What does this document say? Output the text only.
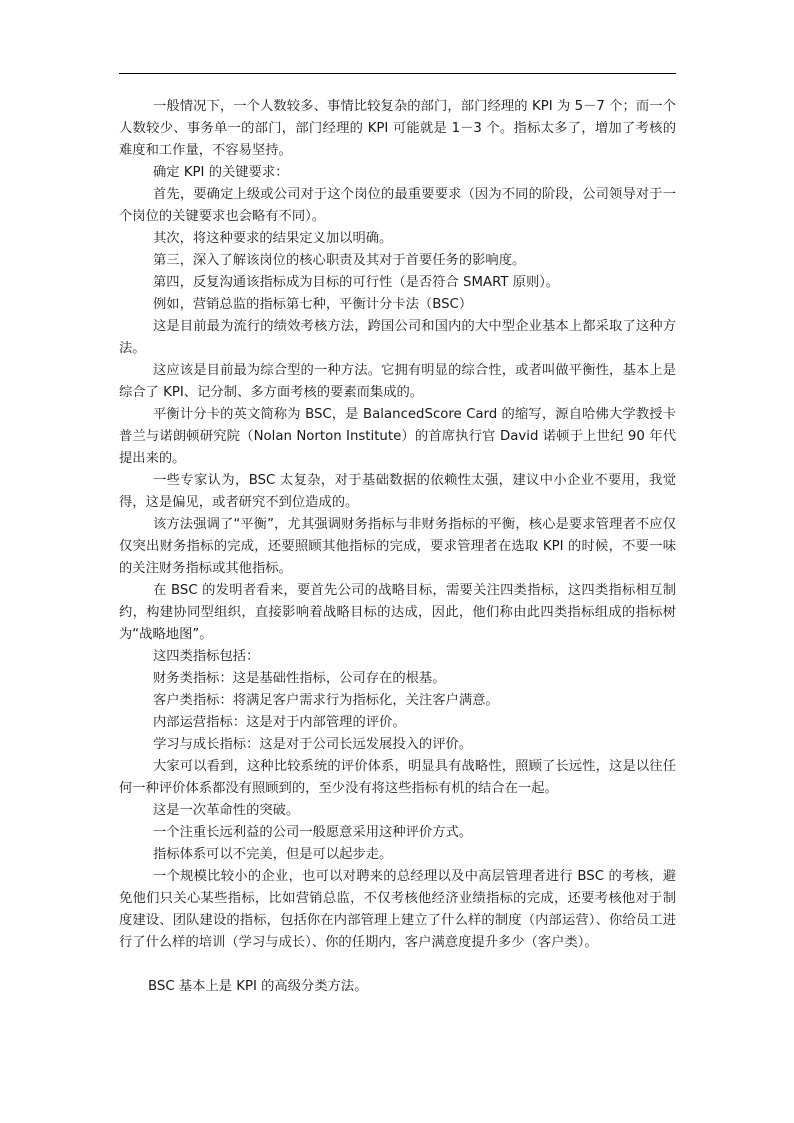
一般情况下，一个人数较多、事情比较复杂的部门，部门经理的 KPI 为 5－7 个；而一个人数较少、事务单一的部门，部门经理的 KPI 可能就是 1－3 个。指标太多了，增加了考核的难度和工作量，不容易坚持。

确定 KPI 的关键要求：

首先，要确定上级或公司对于这个岗位的最重要要求（因为不同的阶段，公司领导对于一个岗位的关键要求也会略有不同）。

其次，将这种要求的结果定义加以明确。

第三，深入了解该岗位的核心职责及其对于首要任务的影响度。

第四，反复沟通该指标成为目标的可行性（是否符合 SMART 原则）。

例如，营销总监的指标第七种，平衡计分卡法（BSC）

这是目前最为流行的绩效考核方法，跨国公司和国内的大中型企业基本上都采取了这种方法。

这应该是目前最为综合型的一种方法。它拥有明显的综合性，或者叫做平衡性，基本上是综合了 KPI、记分制、多方面考核的要素而集成的。

平衡计分卡的英文简称为 BSC，是 BalancedScore Card 的缩写，源自哈佛大学教授卡普兰与诺朗顿研究院（Nolan Norton Institute）的首席执行官 David 诺顿于上世纪 90 年代提出来的。

一些专家认为，BSC 太复杂，对于基础数据的依赖性太强，建议中小企业不要用，我觉得，这是偏见，或者研究不到位造成的。

该方法强调了“平衡”，尤其强调财务指标与非财务指标的平衡，核心是要求管理者不应仅仅突出财务指标的完成，还要照顾其他指标的完成，要求管理者在选取 KPI 的时候，不要一味的关注财务指标或其他指标。

在 BSC 的发明者看来，要首先公司的战略目标，需要关注四类指标，这四类指标相互制约，构建协同型组织，直接影响着战略目标的达成，因此，他们称由此四类指标组成的指标树为“战略地图”。

这四类指标包括：

财务类指标：这是基础性指标，公司存在的根基。

客户类指标：将满足客户需求行为指标化，关注客户满意。

内部运营指标：这是对于内部管理的评价。

学习与成长指标：这是对于公司长远发展投入的评价。

大家可以看到，这种比较系统的评价体系，明显具有战略性，照顾了长远性，这是以往任何一种评价体系都没有照顾到的，至少没有将这些指标有机的结合在一起。

这是一次革命性的突破。

一个注重长远利益的公司一般愿意采用这种评价方式。

指标体系可以不完美，但是可以起步走。

一个规模比较小的企业，也可以对聘来的总经理以及中高层管理者进行 BSC 的考核，避免他们只关心某些指标，比如营销总监，不仅考核他经济业绩指标的完成，还要考核他对于制度建设、团队建设的指标，包括你在内部管理上建立了什么样的制度（内部运营）、你给员工进行了什么样的培训（学习与成长）、你的任期内，客户满意度提升多少（客户类）。

BSC 基本上是 KPI 的高级分类方法。
